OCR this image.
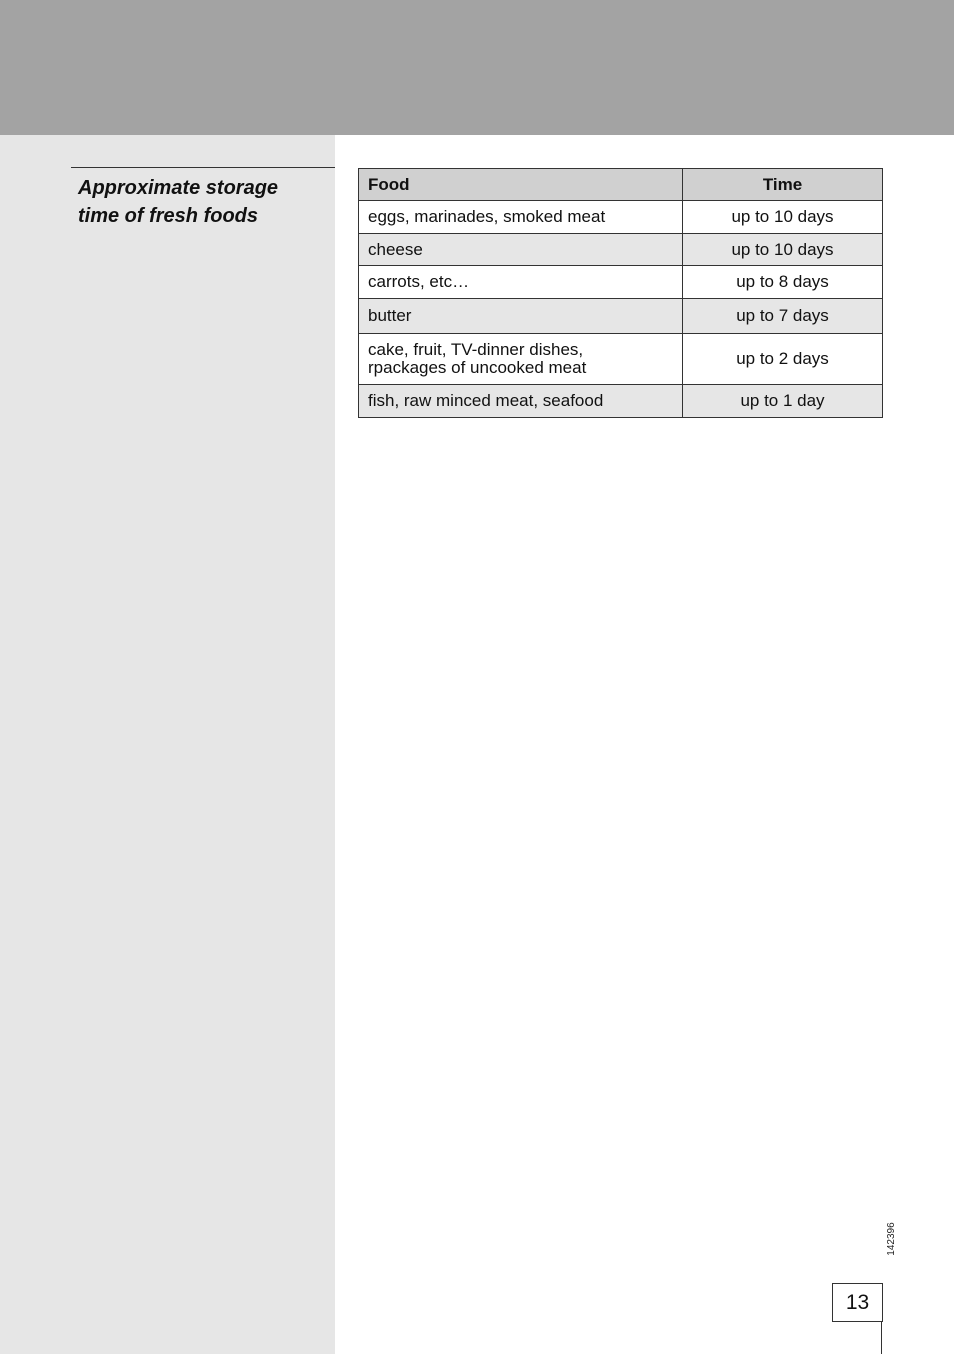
Approximate storage
time of fresh foods
Food	Time

eggs, marinades, smoked meat	up to 10 days

cheese	up to 10 days

carrots, etc…	up to 8 days

butter	up to 7 days

cake, fruit, TV-dinner dishes,
rpackages of uncooked meat	up to 2 days

fish, raw minced meat, seafood	up to 1 day
142396
13
